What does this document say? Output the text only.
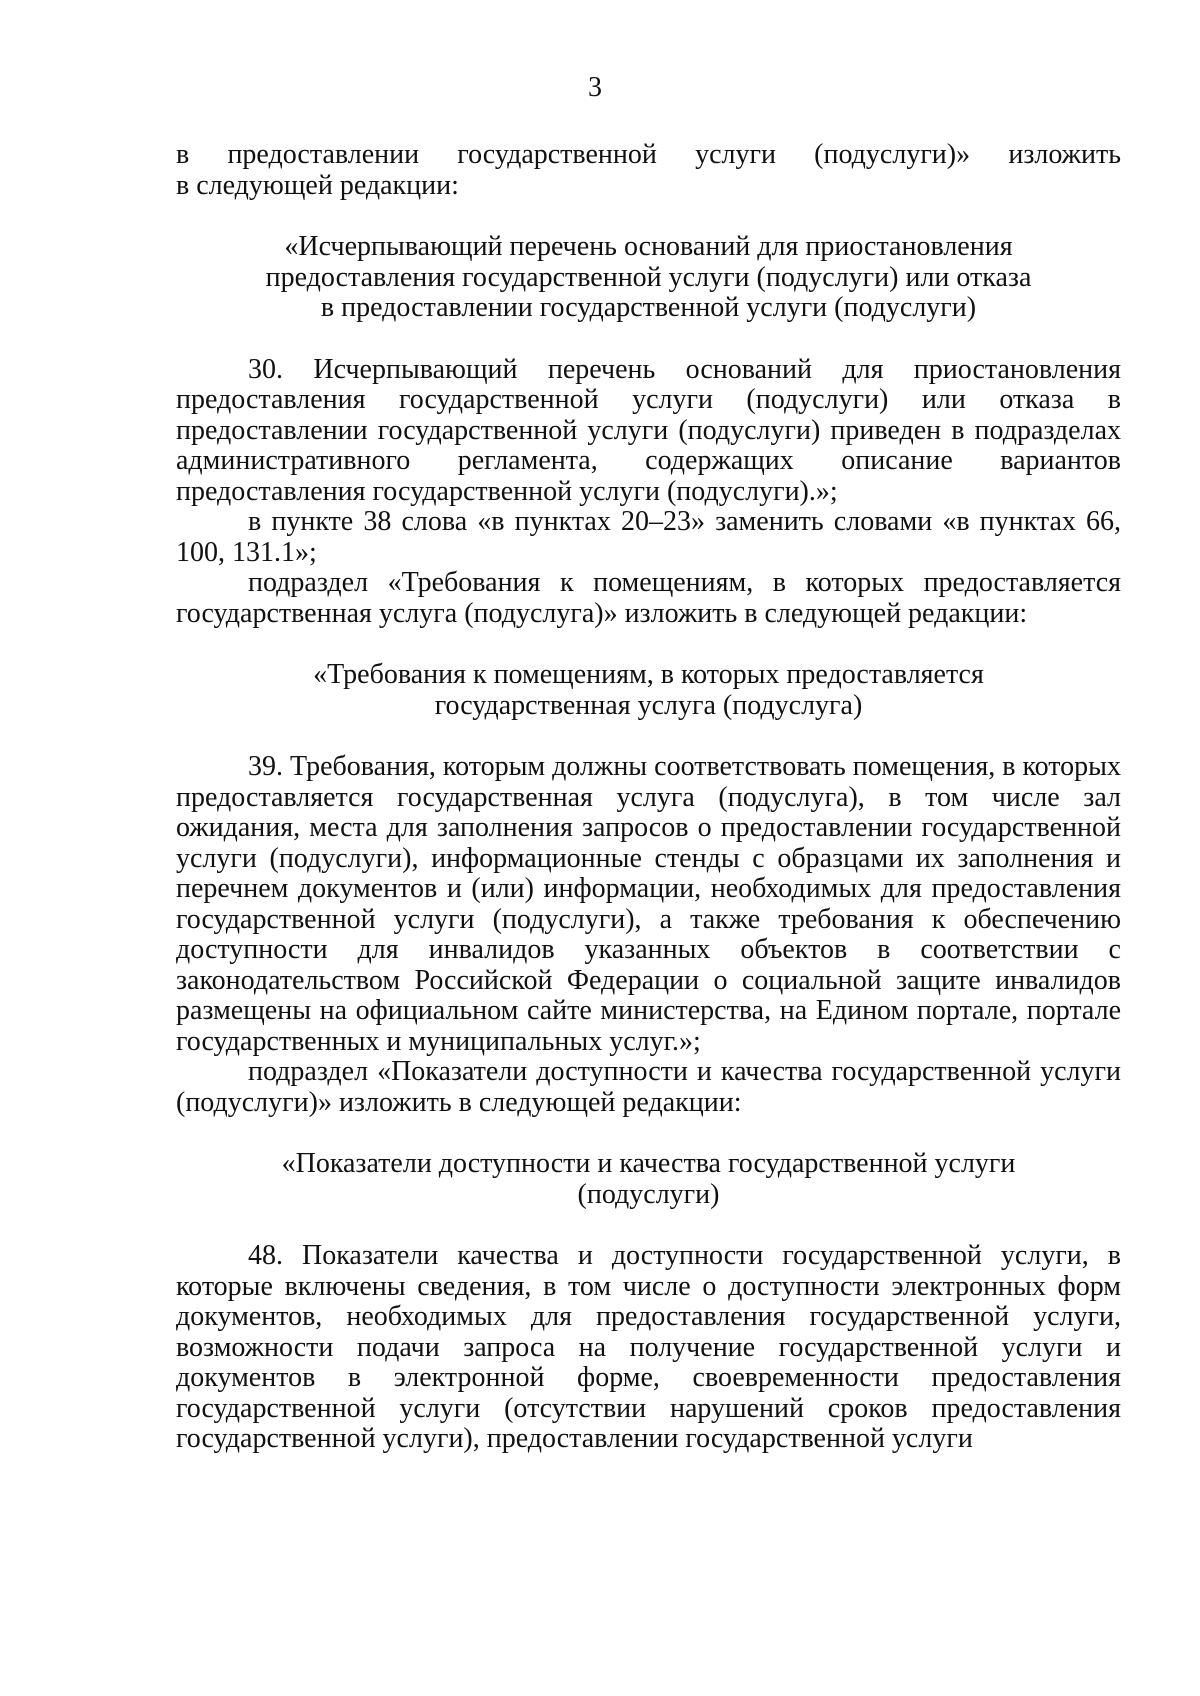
3

в предоставлении государственной услуги (подуслуги)» изложить
в следующей редакции:

«Исчерпывающий перечень оснований для приостановления
предоставления государственной услуги (подуслуги) или отказа
в предоставлении государственной услуги (подуслуги)

30. Исчерпывающий перечень оснований для приостановления предоставления государственной услуги (подуслуги) или отказа в предоставлении государственной услуги (подуслуги) приведен в подразделах административного регламента, содержащих описание вариантов предоставления государственной услуги (подуслуги).»;

в пункте 38 слова «в пунктах 20–23» заменить словами «в пунктах 66, 100, 131.1»;

подраздел «Требования к помещениям, в которых предоставляется государственная услуга (подуслуга)» изложить в следующей редакции:

«Требования к помещениям, в которых предоставляется
государственная услуга (подуслуга)

39. Требования, которым должны соответствовать помещения, в которых предоставляется государственная услуга (подуслуга), в том числе зал ожидания, места для заполнения запросов о предоставлении государственной услуги (подуслуги), информационные стенды с образцами их заполнения и перечнем документов и (или) информации, необходимых для предоставления государственной услуги (подуслуги), а также требования к обеспечению доступности для инвалидов указанных объектов в соответствии с законодательством Российской Федерации о социальной защите инвалидов размещены на официальном сайте министерства, на Едином портале, портале государственных и муниципальных услуг.»;

подраздел «Показатели доступности и качества государственной услуги (подуслуги)» изложить в следующей редакции:

«Показатели доступности и качества государственной услуги
(подуслуги)

48. Показатели качества и доступности государственной услуги, в которые включены сведения, в том числе о доступности электронных форм документов, необходимых для предоставления государственной услуги, возможности подачи запроса на получение государственной услуги и документов в электронной форме, своевременности предоставления государственной услуги (отсутствии нарушений сроков предоставления государственной услуги), предоставлении государственной услуги
